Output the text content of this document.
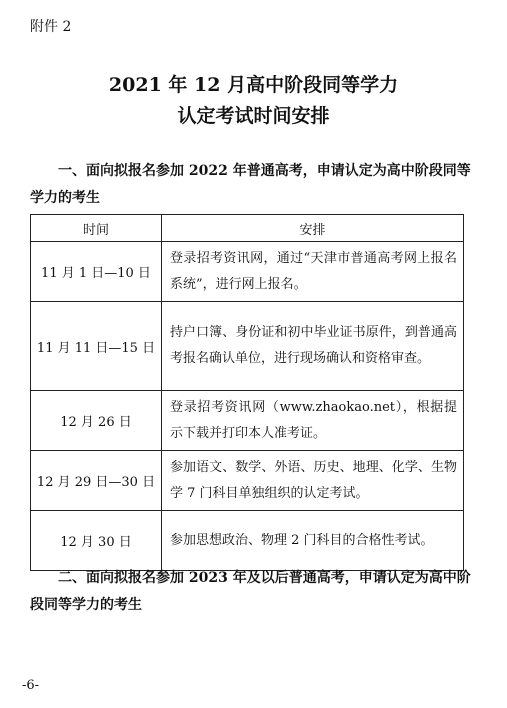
附件 2
2021 年 12 月高中阶段同等学力
认定考试时间安排
一、面向拟报名参加 2022 年普通高考，申请认定为高中阶段同等学力的考生
时间	安排
11 月 1 日—10 日	登录招考资讯网，通过“天津市普通高考网上报名系统”，进行网上报名。
11 月 11 日—15 日	持户口簿、身份证和初中毕业证书原件，到普通高考报名确认单位，进行现场确认和资格审查。
12 月 26 日	登录招考资讯网（www.zhaokao.net），根据提示下载并打印本人准考证。
12 月 29 日—30 日	参加语文、数学、外语、历史、地理、化学、生物学 7 门科目单独组织的认定考试。
12 月 30 日	参加思想政治、物理 2 门科目的合格性考试。
二、面向拟报名参加 2023 年及以后普通高考，申请认定为高中阶段同等学力的考生
-6-
